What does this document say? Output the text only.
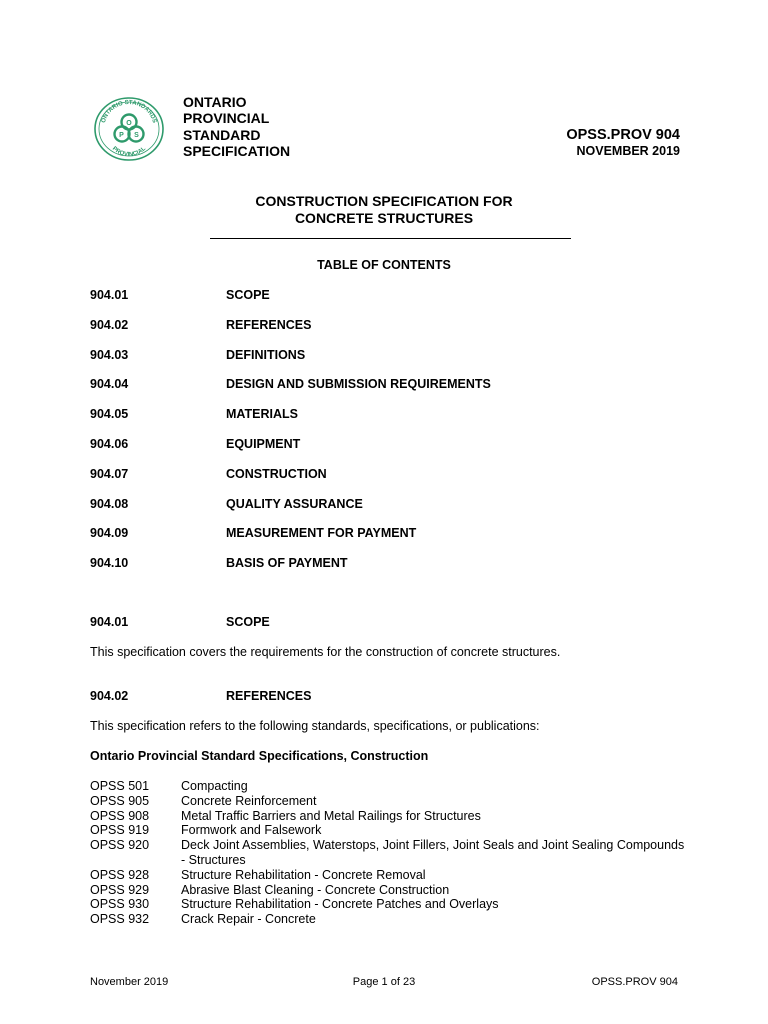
ONTARIO STANDARDS
PROVINCIAL
O
P S
ONTARIO
PROVINCIAL
STANDARD
SPECIFICATION
OPSS.PROV 904
NOVEMBER 2019
CONSTRUCTION SPECIFICATION FOR
CONCRETE STRUCTURES
TABLE OF CONTENTS
904.01	SCOPE
904.02	REFERENCES
904.03	DEFINITIONS
904.04	DESIGN AND SUBMISSION REQUIREMENTS
904.05	MATERIALS
904.06	EQUIPMENT
904.07	CONSTRUCTION
904.08	QUALITY ASSURANCE
904.09	MEASUREMENT FOR PAYMENT
904.10	BASIS OF PAYMENT
904.01	SCOPE
This specification covers the requirements for the construction of concrete structures.
904.02	REFERENCES
This specification refers to the following standards, specifications, or publications:
Ontario Provincial Standard Specifications, Construction
OPSS 501	Compacting
OPSS 905	Concrete Reinforcement
OPSS 908	Metal Traffic Barriers and Metal Railings for Structures
OPSS 919	Formwork and Falsework
OPSS 920	Deck Joint Assemblies, Waterstops, Joint Fillers, Joint Seals and Joint Sealing Compounds - Structures
OPSS 928	Structure Rehabilitation - Concrete Removal
OPSS 929	Abrasive Blast Cleaning - Concrete Construction
OPSS 930	Structure Rehabilitation - Concrete Patches and Overlays
OPSS 932	Crack Repair - Concrete
November 2019	Page 1 of 23	OPSS.PROV 904
